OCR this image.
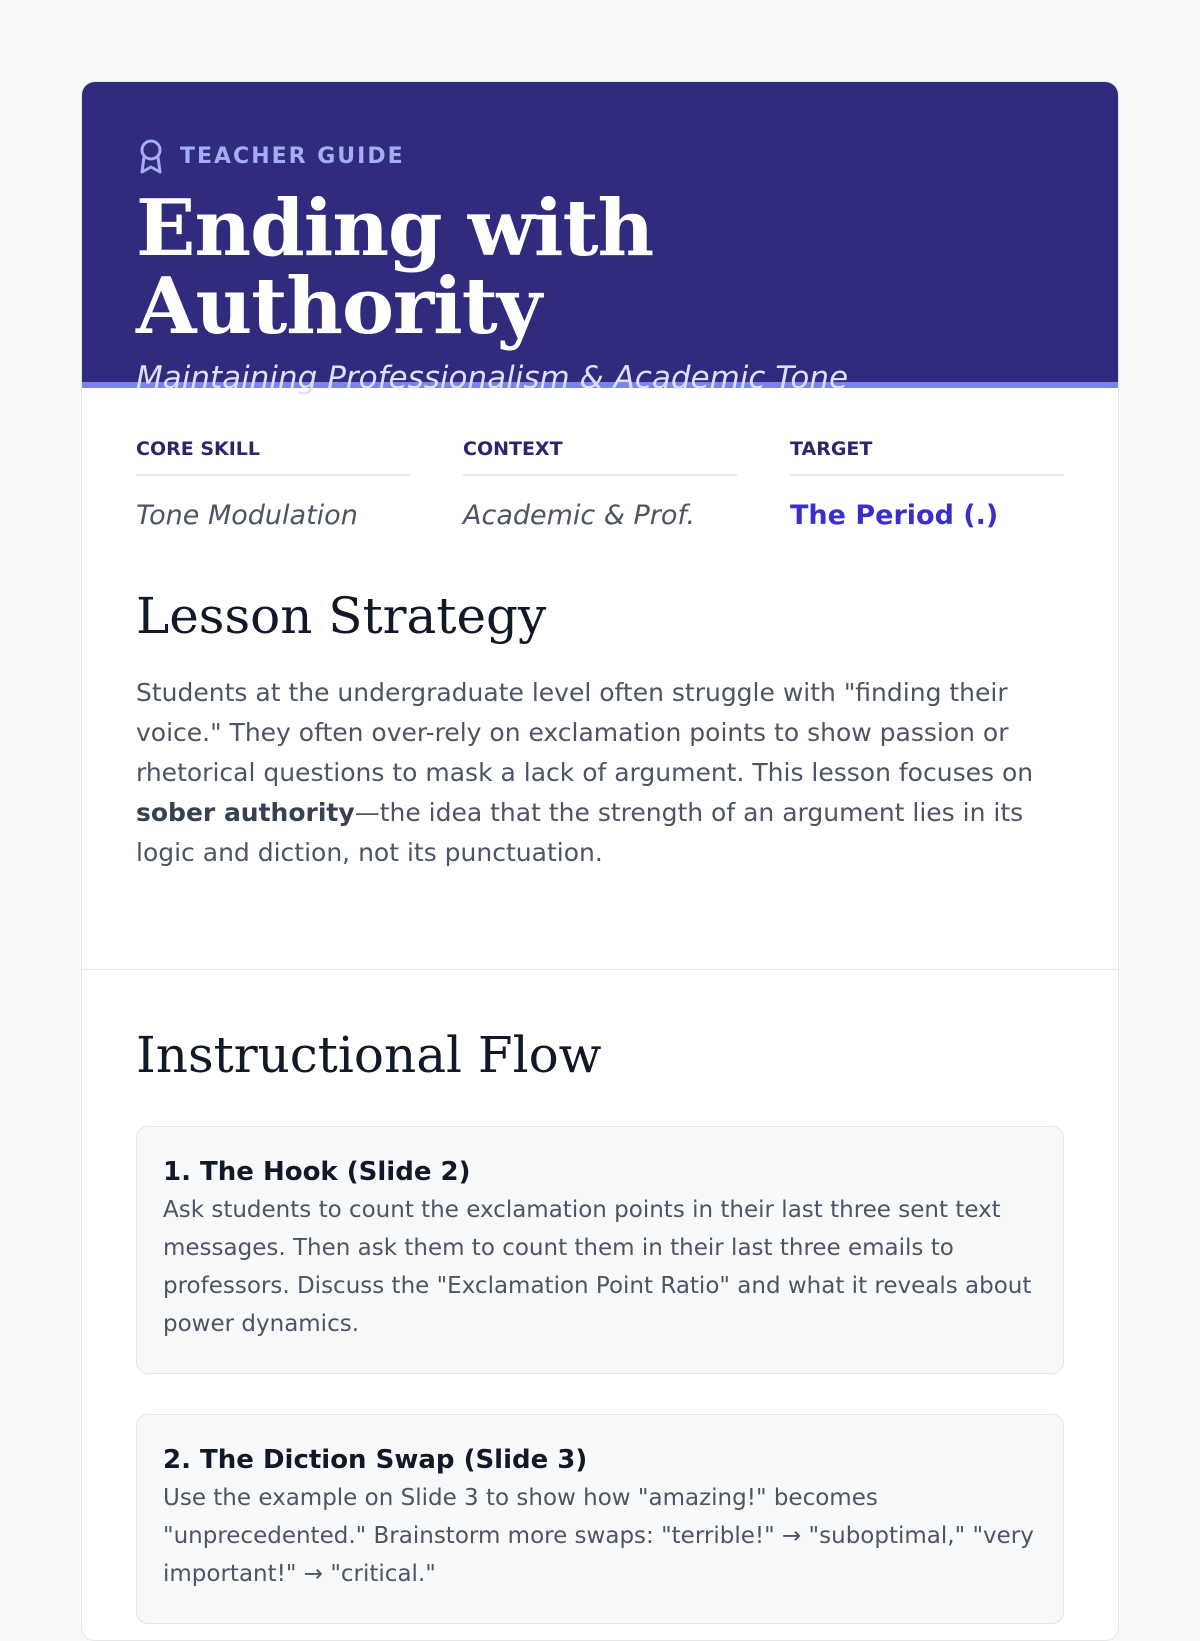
TEACHER GUIDE
Ending with Authority
Maintaining Professionalism & Academic Tone
CORE SKILL
Tone Modulation
CONTEXT
Academic & Prof.
TARGET
The Period (.)
Lesson Strategy

Students at the undergraduate level often struggle with "finding their voice." They often over-rely on exclamation points to show passion or rhetorical questions to mask a lack of argument. This lesson focuses on sober authority—the idea that the strength of an argument lies in its logic and diction, not its punctuation.

Instructional Flow
1. The Hook (Slide 2)
Ask students to count the exclamation points in their last three sent text messages. Then ask them to count them in their last three emails to professors. Discuss the "Exclamation Point Ratio" and what it reveals about power dynamics.
2. The Diction Swap (Slide 3)
Use the example on Slide 3 to show how "amazing!" becomes "unprecedented." Brainstorm more swaps: "terrible!" → "suboptimal," "very important!" → "critical."
